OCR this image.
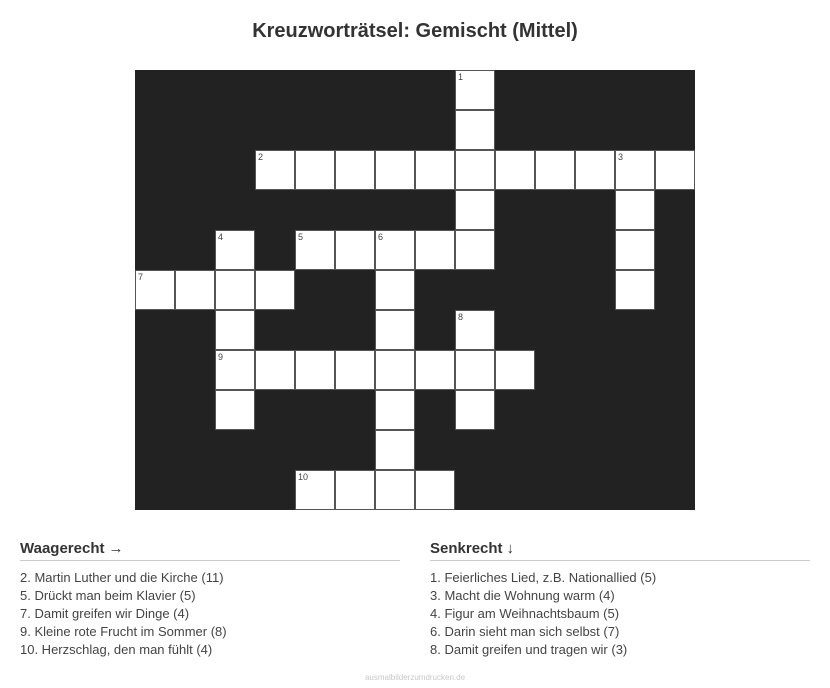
Kreuzworträtsel: Gemischt (Mittel)
1
2	3
4	5	6
7
8
9
10
Waagerecht →
2. Martin Luther und die Kirche (11)
5. Drückt man beim Klavier (5)
7. Damit greifen wir Dinge (4)
9. Kleine rote Frucht im Sommer (8)
10. Herzschlag, den man fühlt (4)
Senkrecht ↓
1. Feierliches Lied, z.B. Nationallied (5)
3. Macht die Wohnung warm (4)
4. Figur am Weihnachtsbaum (5)
6. Darin sieht man sich selbst (7)
8. Damit greifen und tragen wir (3)
ausmalbilderzumdrucken.de
